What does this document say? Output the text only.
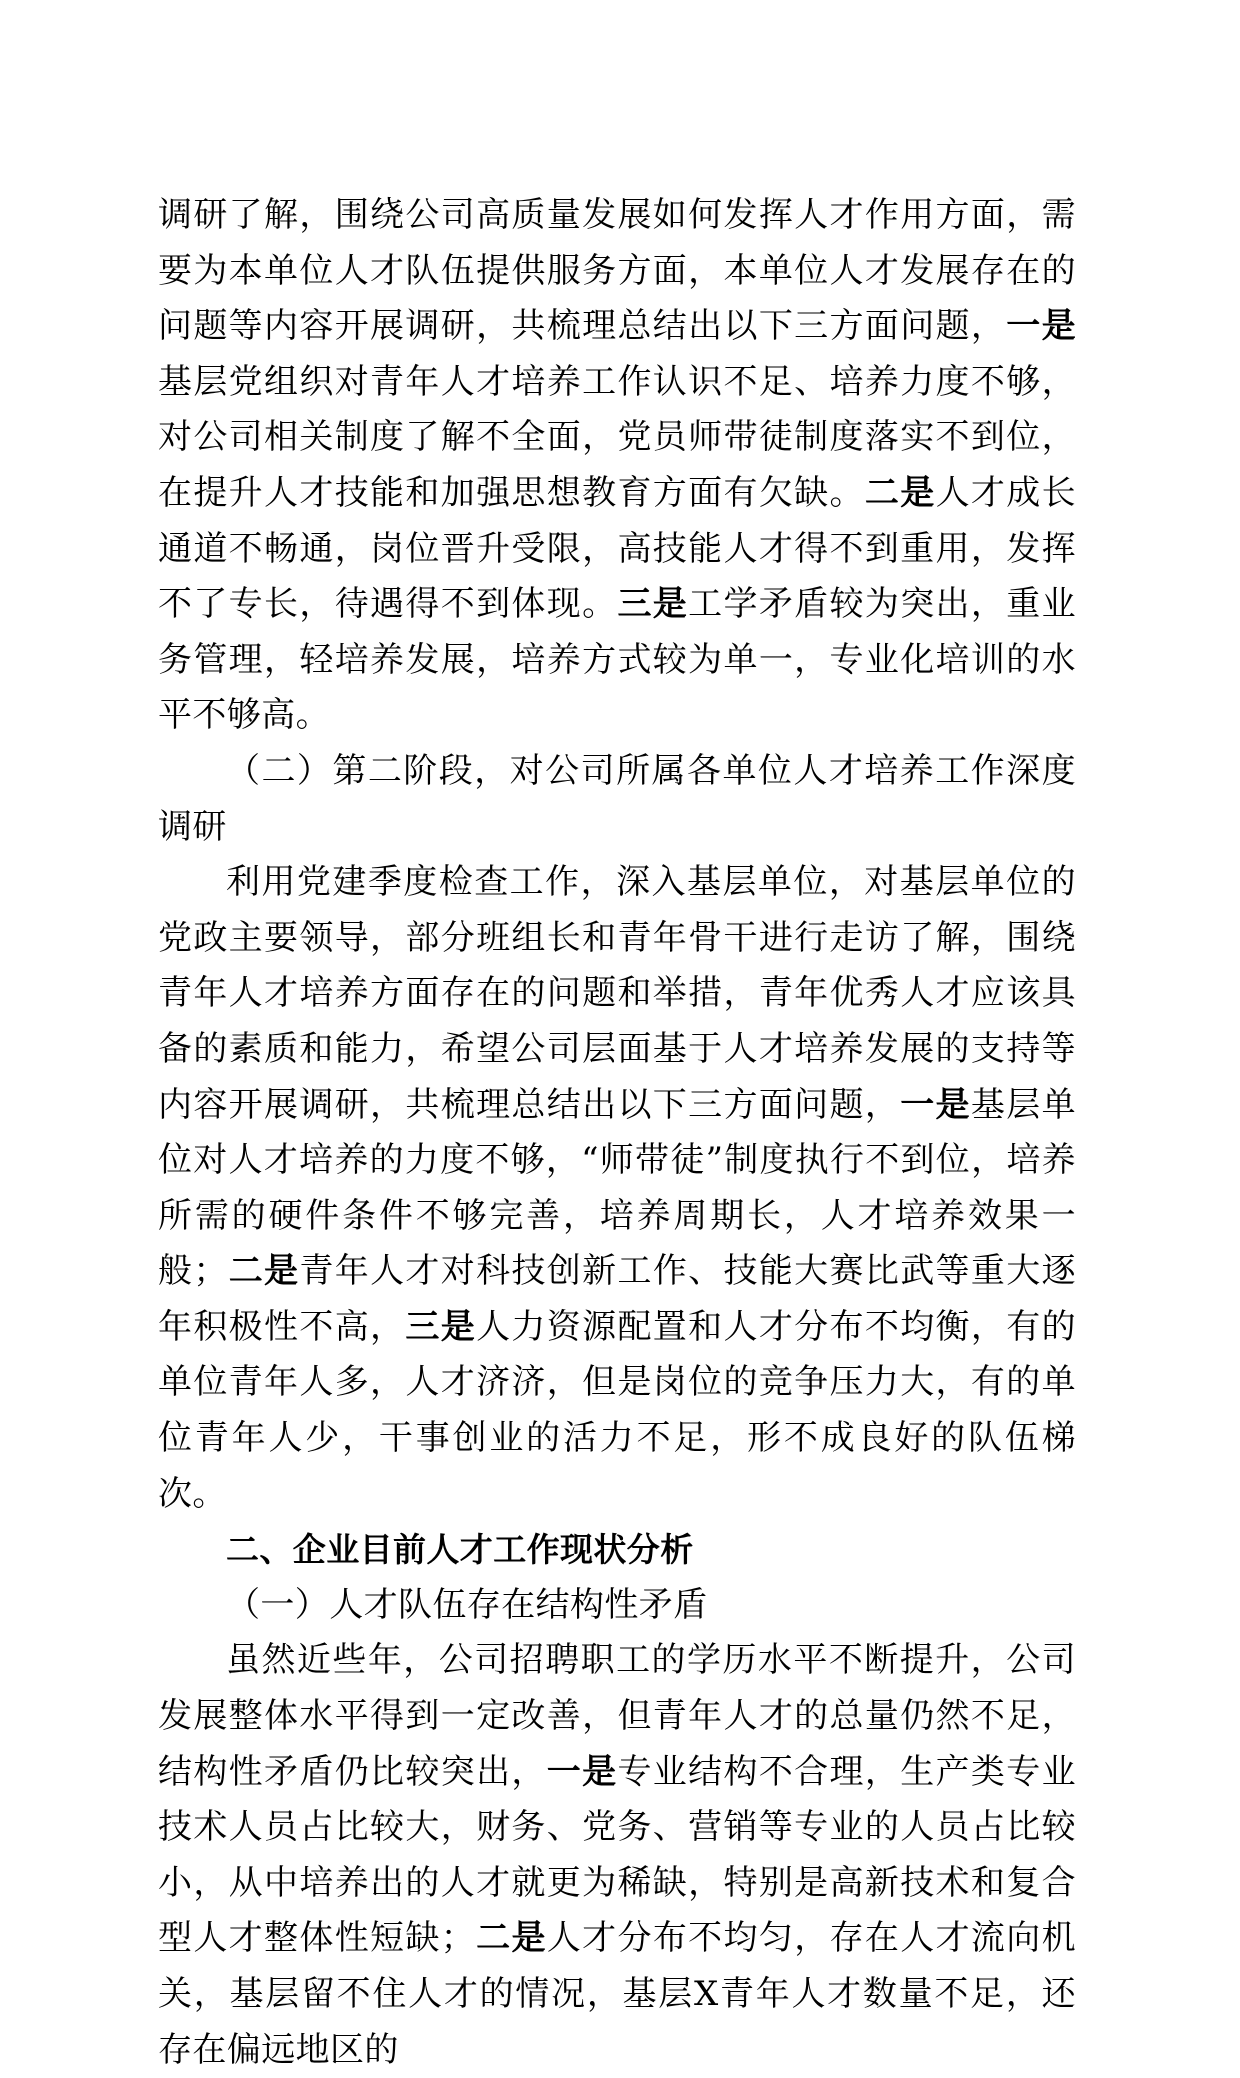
调研了解，围绕公司高质量发展如何发挥人才作用方面，需要为本单位人才队伍提供服务方面，本单位人才发展存在的问题等内容开展调研，共梳理总结出以下三方面问题，一是基层党组织对青年人才培养工作认识不足、培养力度不够，对公司相关制度了解不全面，党员师带徒制度落实不到位，在提升人才技能和加强思想教育方面有欠缺。二是人才成长通道不畅通，岗位晋升受限，高技能人才得不到重用，发挥不了专长，待遇得不到体现。三是工学矛盾较为突出，重业务管理，轻培养发展，培养方式较为单一，专业化培训的水平不够高。

（二）第二阶段，对公司所属各单位人才培养工作深度调研

利用党建季度检查工作，深入基层单位，对基层单位的党政主要领导，部分班组长和青年骨干进行走访了解，围绕青年人才培养方面存在的问题和举措，青年优秀人才应该具备的素质和能力，希望公司层面基于人才培养发展的支持等内容开展调研，共梳理总结出以下三方面问题，一是基层单位对人才培养的力度不够，“师带徒”制度执行不到位，培养所需的硬件条件不够完善，培养周期长，人才培养效果一般；二是青年人才对科技创新工作、技能大赛比武等重大逐年积极性不高，三是人力资源配置和人才分布不均衡，有的单位青年人多，人才济济，但是岗位的竞争压力大，有的单位青年人少，干事创业的活力不足，形不成良好的队伍梯次。

二、企业目前人才工作现状分析

（一）人才队伍存在结构性矛盾

虽然近些年，公司招聘职工的学历水平不断提升，公司发展整体水平得到一定改善，但青年人才的总量仍然不足，结构性矛盾仍比较突出，一是专业结构不合理，生产类专业技术人员占比较大，财务、党务、营销等专业的人员占比较小，从中培养出的人才就更为稀缺，特别是高新技术和复合型人才整体性短缺；二是人才分布不均匀，存在人才流向机关，基层留不住人才的情况，基层X青年人才数量不足，还存在偏远地区的
